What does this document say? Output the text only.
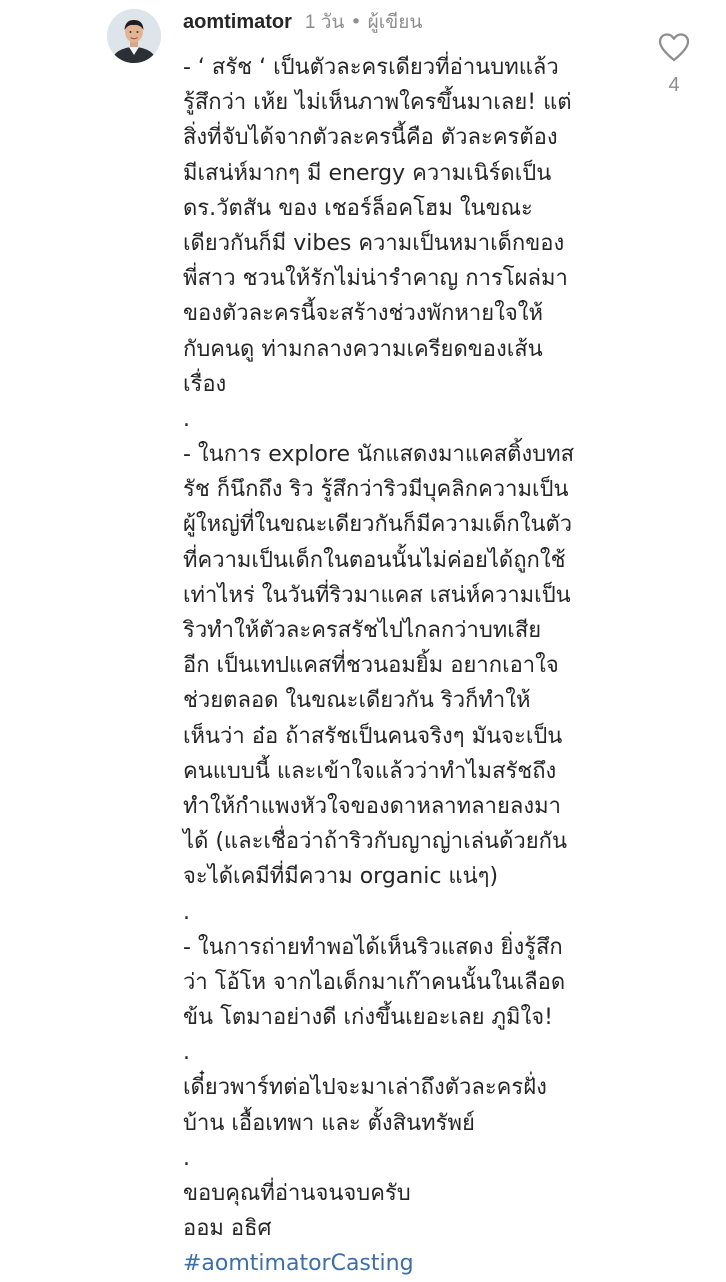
aomtimator 1 วัน • ผู้เขียน
- ‘ สรัช ‘ เป็นตัวละครเดียวที่อ่านบทแล้ว
รู้สึกว่า เห้ย ไม่เห็นภาพใครขึ้นมาเลย! แต่
สิ่งที่จับได้จากตัวละครนี้คือ ตัวละครต้อง
มีเสน่ห์มากๆ มี energy ความเนิร์ดเป็น
ดร.วัตสัน ของ เชอร์ล็อคโฮม ในขณะ
เดียวกันก็มี vibes ความเป็นหมาเด็กของ
พี่สาว ชวนให้รักไม่น่ารำคาญ การโผล่มา
ของตัวละครนี้จะสร้างช่วงพักหายใจให้
กับคนดู ท่ามกลางความเครียดของเส้น
เรื่อง
.
- ในการ explore นักแสดงมาแคสติ้งบทส
รัช ก็นึกถึง ริว รู้สึกว่าริวมีบุคลิกความเป็น
ผู้ใหญ่ที่ในขณะเดียวกันก็มีความเด็กในตัว
ที่ความเป็นเด็กในตอนนั้นไม่ค่อยได้ถูกใช้
เท่าไหร่ ในวันที่ริวมาแคส เสน่ห์ความเป็น
ริวทำให้ตัวละครสรัชไปไกลกว่าบทเสีย
อีก เป็นเทปแคสที่ชวนอมยิ้ม อยากเอาใจ
ช่วยตลอด ในขณะเดียวกัน ริวก็ทำให้
เห็นว่า อ๋อ ถ้าสรัชเป็นคนจริงๆ มันจะเป็น
คนแบบนี้ และเข้าใจแล้วว่าทำไมสรัชถึง
ทำให้กำแพงหัวใจของดาหลาทลายลงมา
ได้ (และเชื่อว่าถ้าริวกับญาญ่าเล่นด้วยกัน
จะได้เคมีที่มีความ organic แน่ๆ)
.
- ในการถ่ายทำพอได้เห็นริวแสดง ยิ่งรู้สึก
ว่า โอ้โห จากไอเด็กมาเก๊าคนนั้นในเลือด
ข้น โตมาอย่างดี เก่งขึ้นเยอะเลย ภูมิใจ!
.
เดี๋ยวพาร์ทต่อไปจะมาเล่าถึงตัวละครฝั่ง
บ้าน เอื้อเทพา และ ตั้งสินทรัพย์
.
ขอบคุณที่อ่านจนจบครับ
ออม อธิศ
#aomtimatorCasting
4
